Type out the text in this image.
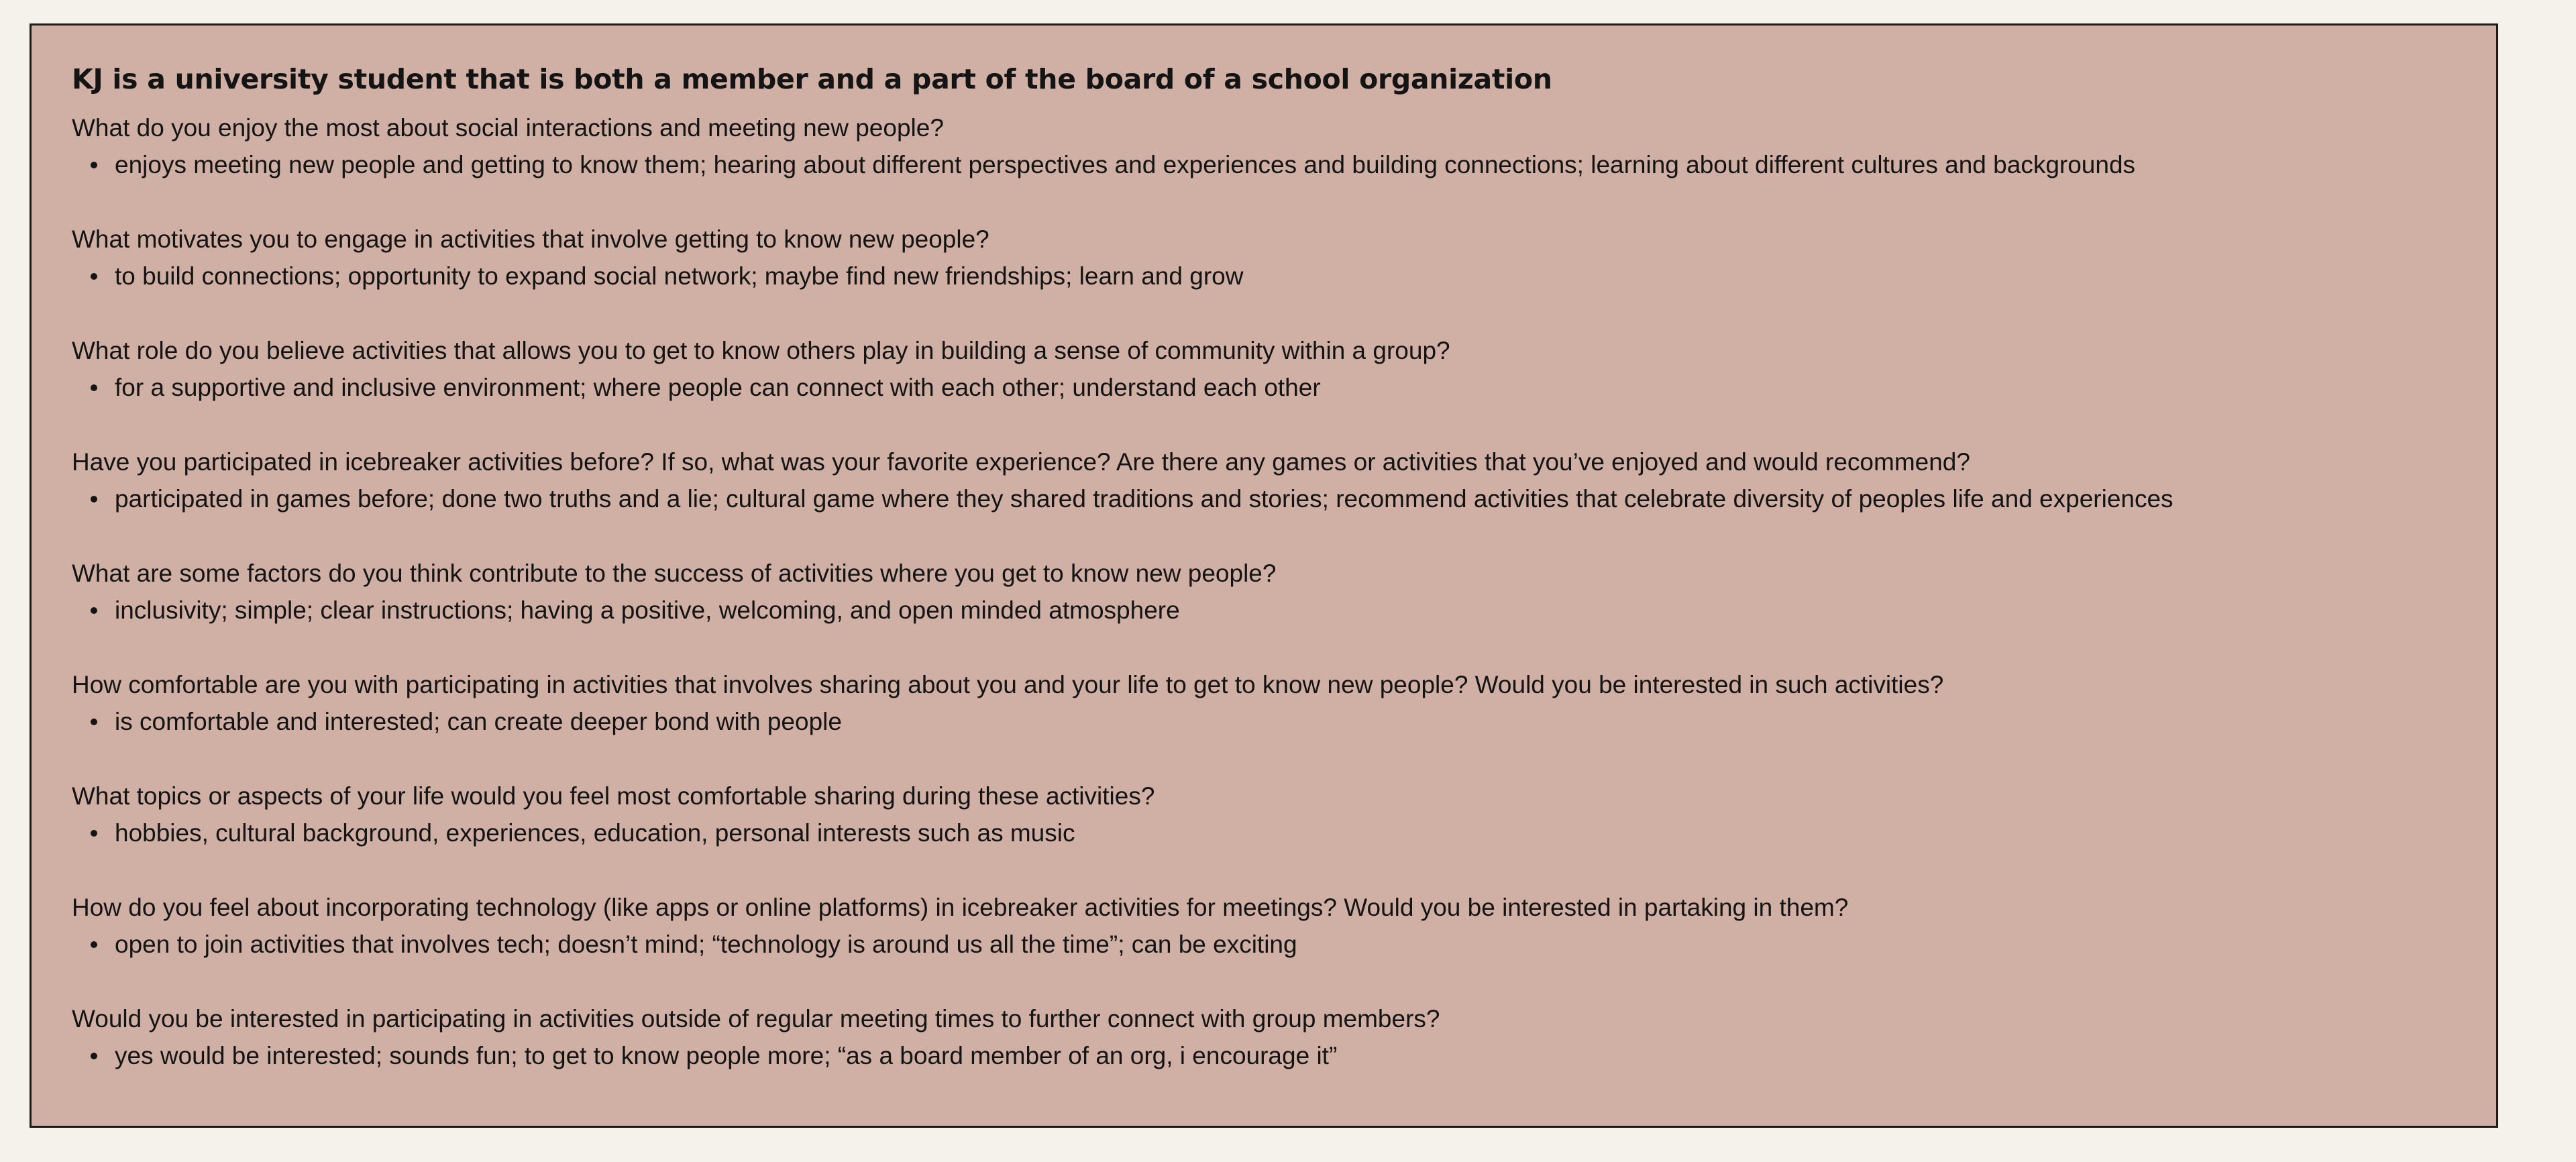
KJ is a university student that is both a member and a part of the board of a school organization

What do you enjoy the most about social interactions and meeting new people?

enjoys meeting new people and getting to know them; hearing about different perspectives and experiences and building connections; learning about different cultures and backgrounds

What motivates you to engage in activities that involve getting to know new people?

to build connections; opportunity to expand social network; maybe find new friendships; learn and grow

What role do you believe activities that allows you to get to know others play in building a sense of community within a group?

for a supportive and inclusive environment; where people can connect with each other; understand each other

Have you participated in icebreaker activities before? If so, what was your favorite experience? Are there any games or activities that you’ve enjoyed and would recommend?

participated in games before; done two truths and a lie; cultural game where they shared traditions and stories; recommend activities that celebrate diversity of peoples life and experiences

What are some factors do you think contribute to the success of activities where you get to know new people?

inclusivity; simple; clear instructions; having a positive, welcoming, and open minded atmosphere

How comfortable are you with participating in activities that involves sharing about you and your life to get to know new people? Would you be interested in such activities?

is comfortable and interested; can create deeper bond with people

What topics or aspects of your life would you feel most comfortable sharing during these activities?

hobbies, cultural background, experiences, education, personal interests such as music

How do you feel about incorporating technology (like apps or online platforms) in icebreaker activities for meetings? Would you be interested in partaking in them?

open to join activities that involves tech; doesn’t mind; “technology is around us all the time”; can be exciting

Would you be interested in participating in activities outside of regular meeting times to further connect with group members?

yes would be interested; sounds fun; to get to know people more; “as a board member of an org, i encourage it”
